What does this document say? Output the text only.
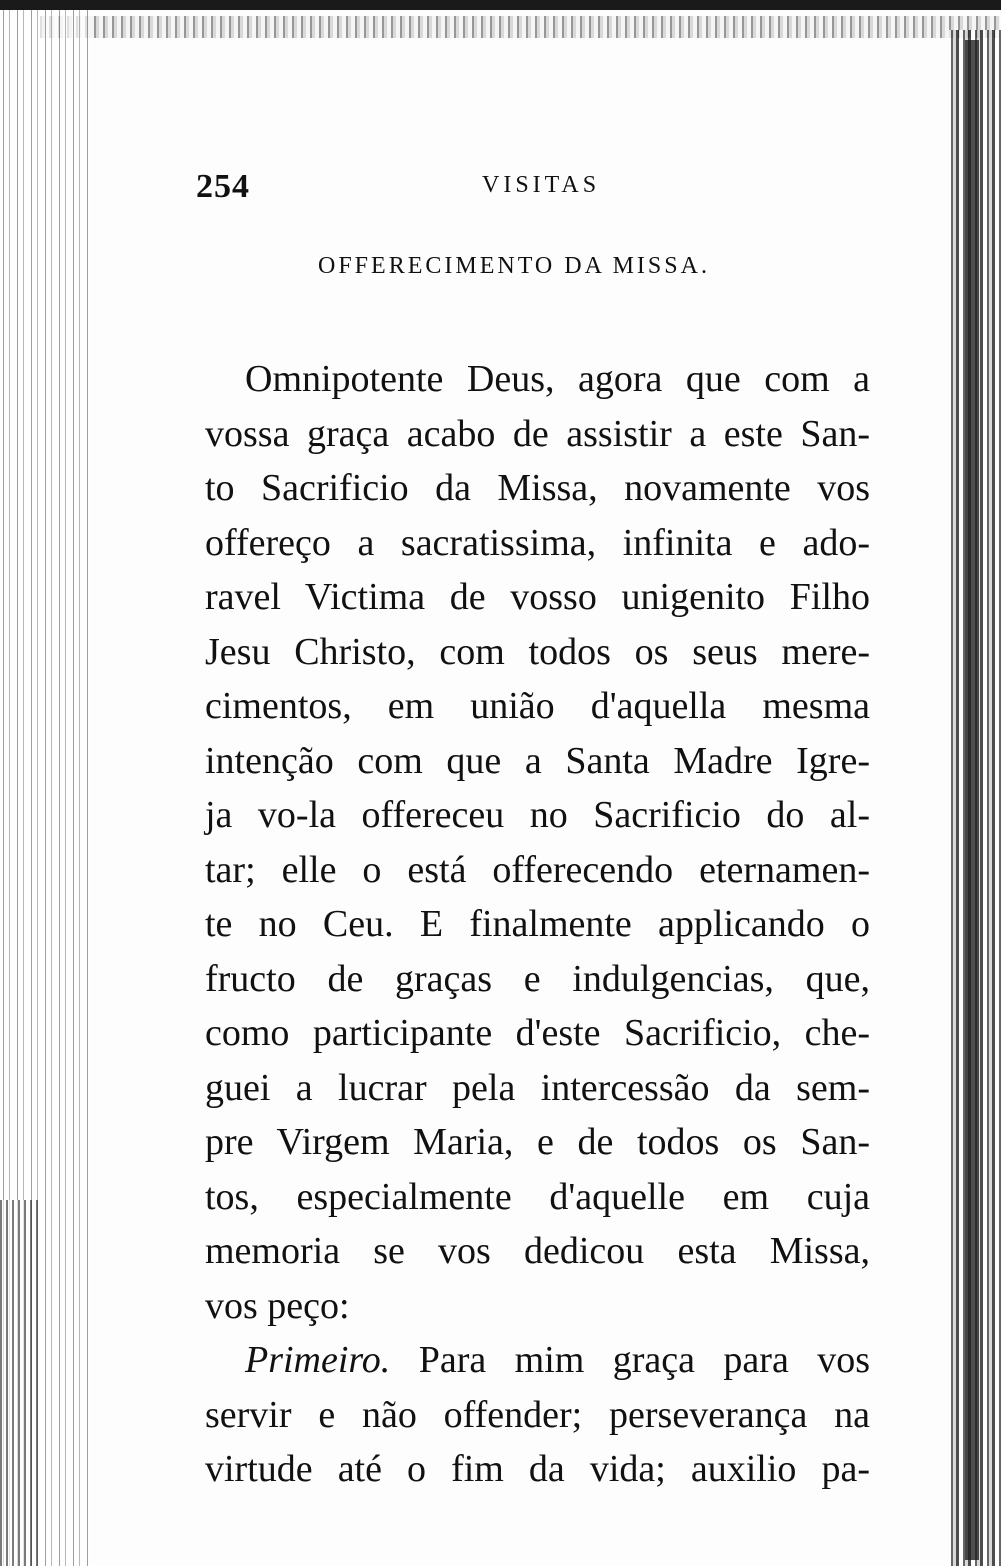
254	VISITAS
OFFERECIMENTO DA MISSA.
Omnipotente Deus, agora que com a
vossa graça acabo de assistir a este San-
to Sacrificio da Missa, novamente vos
offereço a sacratissima, infinita e ado-
ravel Victima de vosso unigenito Filho
Jesu Christo, com todos os seus mere-
cimentos, em união d'aquella mesma
intenção com que a Santa Madre Igre-
ja vo-la offereceu no Sacrificio do al-
tar; elle o está offerecendo eternamen-
te no Ceu. E finalmente applicando o
fructo de graças e indulgencias, que,
como participante d'este Sacrificio, che-
guei a lucrar pela intercessão da sem-
pre Virgem Maria, e de todos os San-
tos, especialmente d'aquelle em cuja
memoria se vos dedicou esta Missa,
vos peço:
Primeiro. Para mim graça para vos
servir e não offender; perseverança na
virtude até o fim da vida; auxilio pa-
